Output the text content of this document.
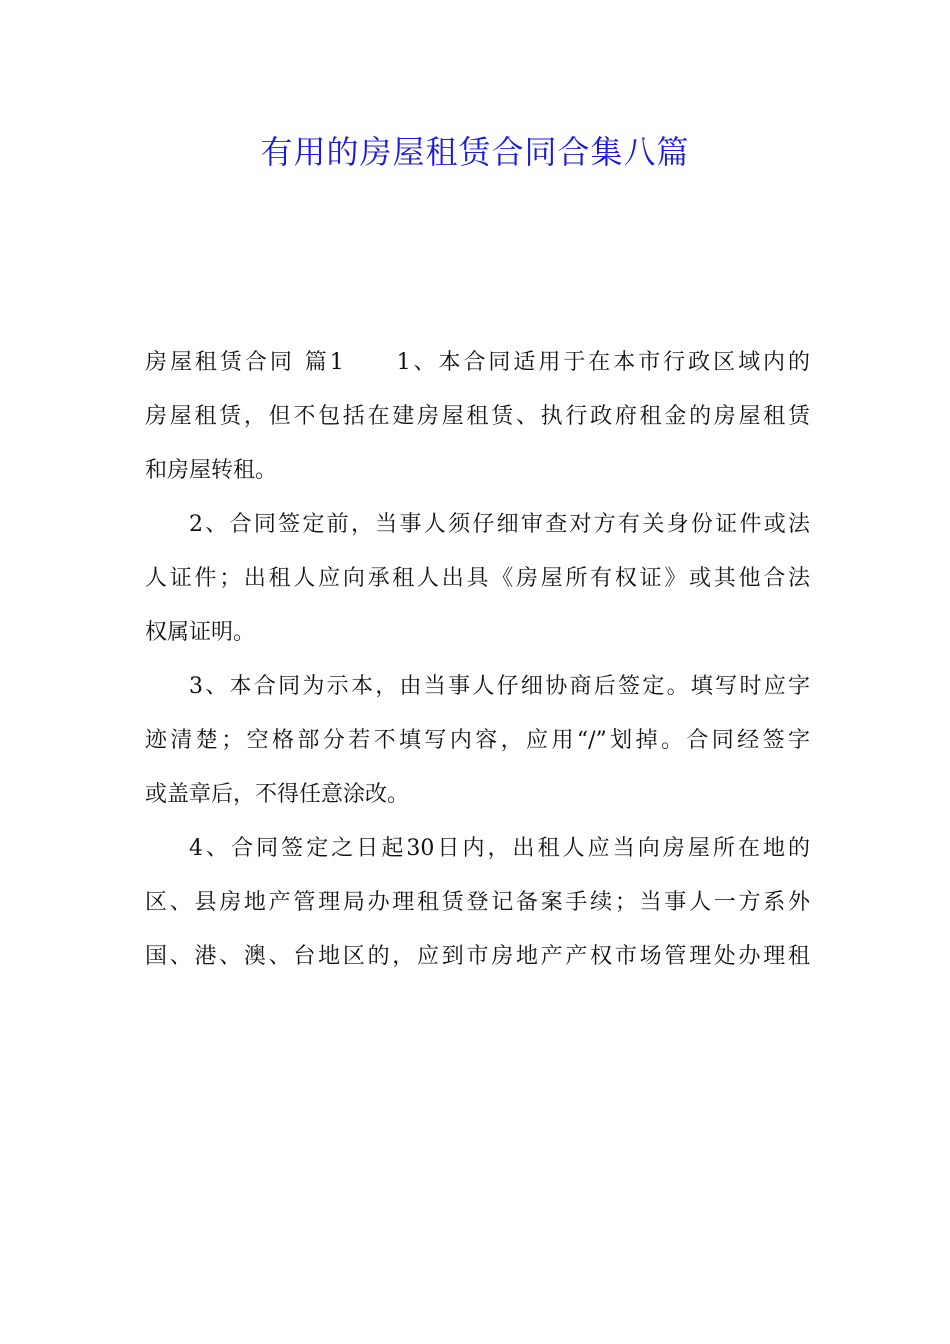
有用的房屋租赁合同合集八篇

房屋租赁合同 篇1　　1、本合同适用于在本市行政区域内的
房屋租赁，但不包括在建房屋租赁、执行政府租金的房屋租赁
和房屋转租。

2、合同签定前，当事人须仔细审查对方有关身份证件或法
人证件；出租人应向承租人出具《房屋所有权证》或其他合法
权属证明。

3、本合同为示本，由当事人仔细协商后签定。填写时应字
迹清楚；空格部分若不填写内容，应用“/”划掉。合同经签字
或盖章后，不得任意涂改。

4、合同签定之日起30日内，出租人应当向房屋所在地的
区、县房地产管理局办理租赁登记备案手续；当事人一方系外
国、港、澳、台地区的，应到市房地产产权市场管理处办理租
